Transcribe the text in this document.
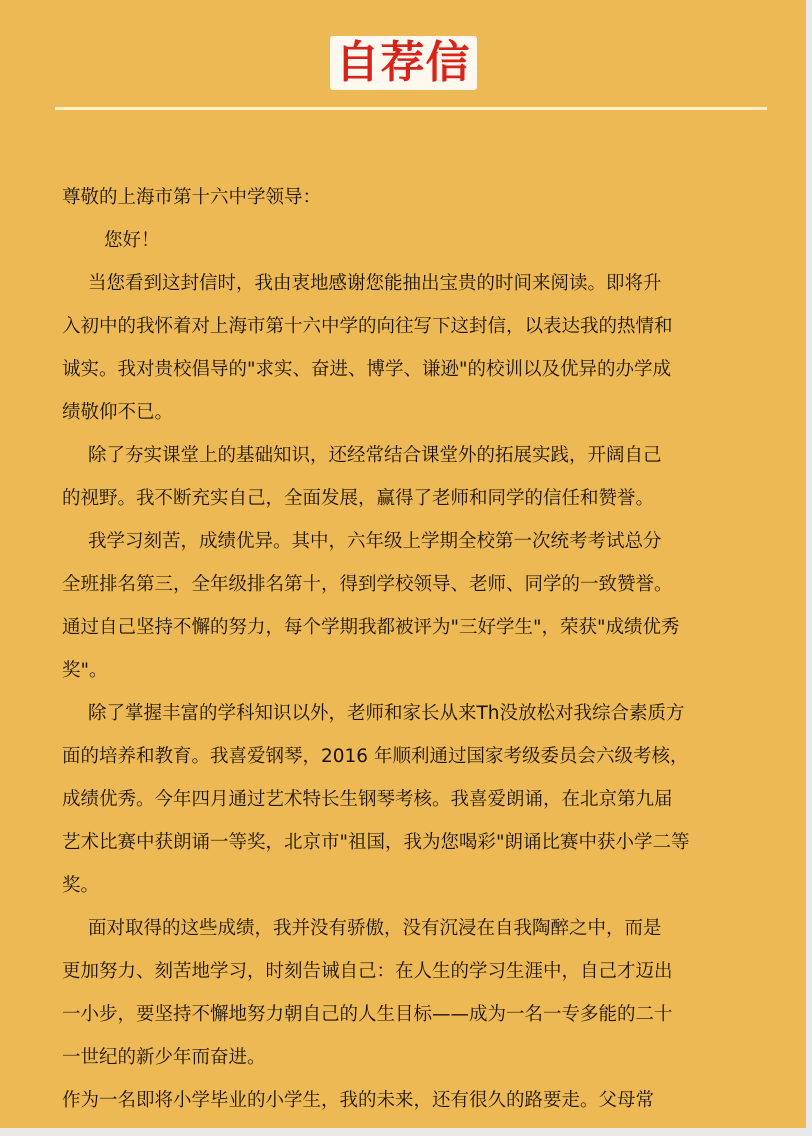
自荐信
尊敬的上海市第十六中学领导：
您好！
当您看到这封信时，我由衷地感谢您能抽出宝贵的时间来阅读。即将升
入初中的我怀着对上海市第十六中学的向往写下这封信，以表达我的热情和
诚实。我对贵校倡导的"求实、奋进、博学、谦逊"的校训以及优异的办学成
绩敬仰不已。
除了夯实课堂上的基础知识，还经常结合课堂外的拓展实践，开阔自己
的视野。我不断充实自己，全面发展，赢得了老师和同学的信任和赞誉。
我学习刻苦，成绩优异。其中，六年级上学期全校第一次统考考试总分
全班排名第三，全年级排名第十，得到学校领导、老师、同学的一致赞誉。
通过自己坚持不懈的努力，每个学期我都被评为"三好学生"，荣获"成绩优秀
奖"。
除了掌握丰富的学科知识以外，老师和家长从来Th没放松对我综合素质方
面的培养和教育。我喜爱钢琴，2016 年顺利通过国家考级委员会六级考核，
成绩优秀。今年四月通过艺术特长生钢琴考核。我喜爱朗诵，在北京第九届
艺术比赛中获朗诵一等奖，北京市"祖国，我为您喝彩"朗诵比赛中获小学二等
奖。
面对取得的这些成绩，我并没有骄傲，没有沉浸在自我陶醉之中，而是
更加努力、刻苦地学习，时刻告诫自己：在人生的学习生涯中，自己才迈出
一小步，要坚持不懈地努力朝自己的人生目标——成为一名一专多能的二十
一世纪的新少年而奋进。
作为一名即将小学毕业的小学生，我的未来，还有很久的路要走。父母常
